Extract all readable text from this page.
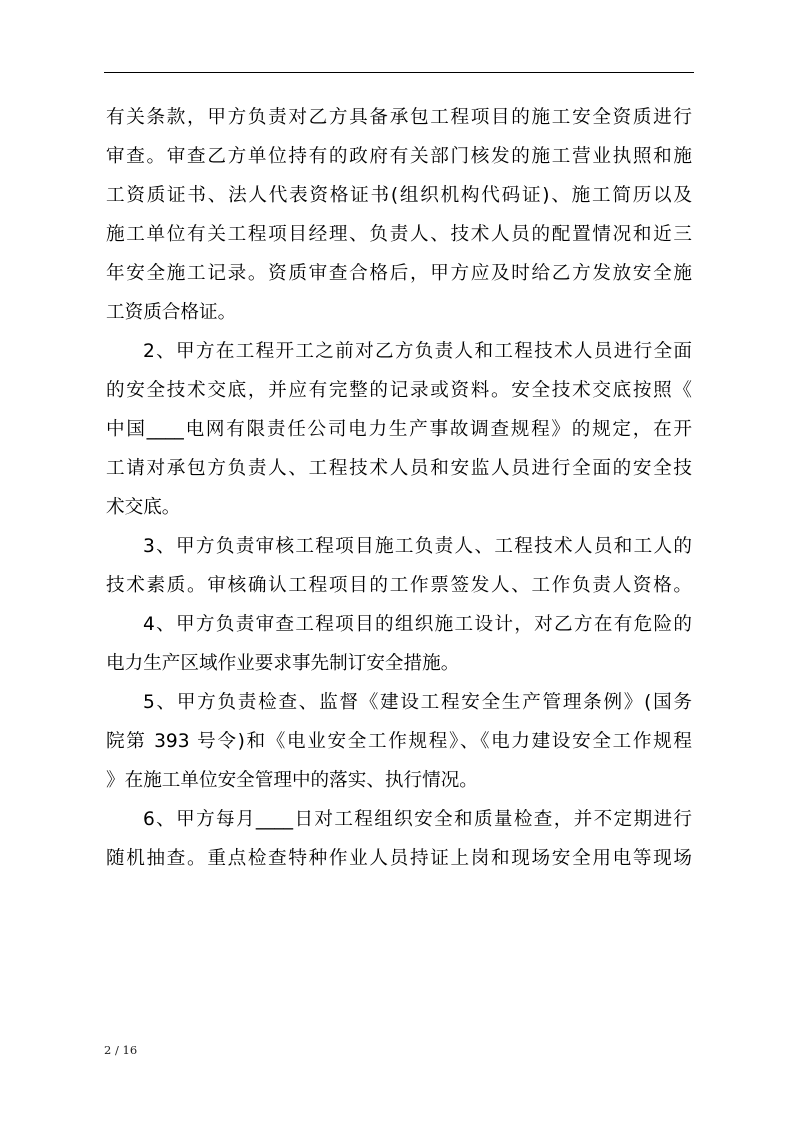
有关条款，甲方负责对乙方具备承包工程项目的施工安全资质进行
审查。审查乙方单位持有的政府有关部门核发的施工营业执照和施
工资质证书、法人代表资格证书(组织机构代码证)、施工简历以及
施工单位有关工程项目经理、负责人、技术人员的配置情况和近三
年安全施工记录。资质审查合格后，甲方应及时给乙方发放安全施
工资质合格证。
2、甲方在工程开工之前对乙方负责人和工程技术人员进行全面
的安全技术交底，并应有完整的记录或资料。安全技术交底按照《
中国____电网有限责任公司电力生产事故调查规程》的规定，在开
工请对承包方负责人、工程技术人员和安监人员进行全面的安全技
术交底。
3、甲方负责审核工程项目施工负责人、工程技术人员和工人的
技术素质。审核确认工程项目的工作票签发人、工作负责人资格。
4、甲方负责审查工程项目的组织施工设计，对乙方在有危险的
电力生产区域作业要求事先制订安全措施。
5、甲方负责检查、监督《建设工程安全生产管理条例》(国务
院第 393 号令)和《电业安全工作规程》、《电力建设安全工作规程
》在施工单位安全管理中的落实、执行情况。
6、甲方每月____日对工程组织安全和质量检查，并不定期进行
随机抽查。重点检查特种作业人员持证上岗和现场安全用电等现场
2 / 16
